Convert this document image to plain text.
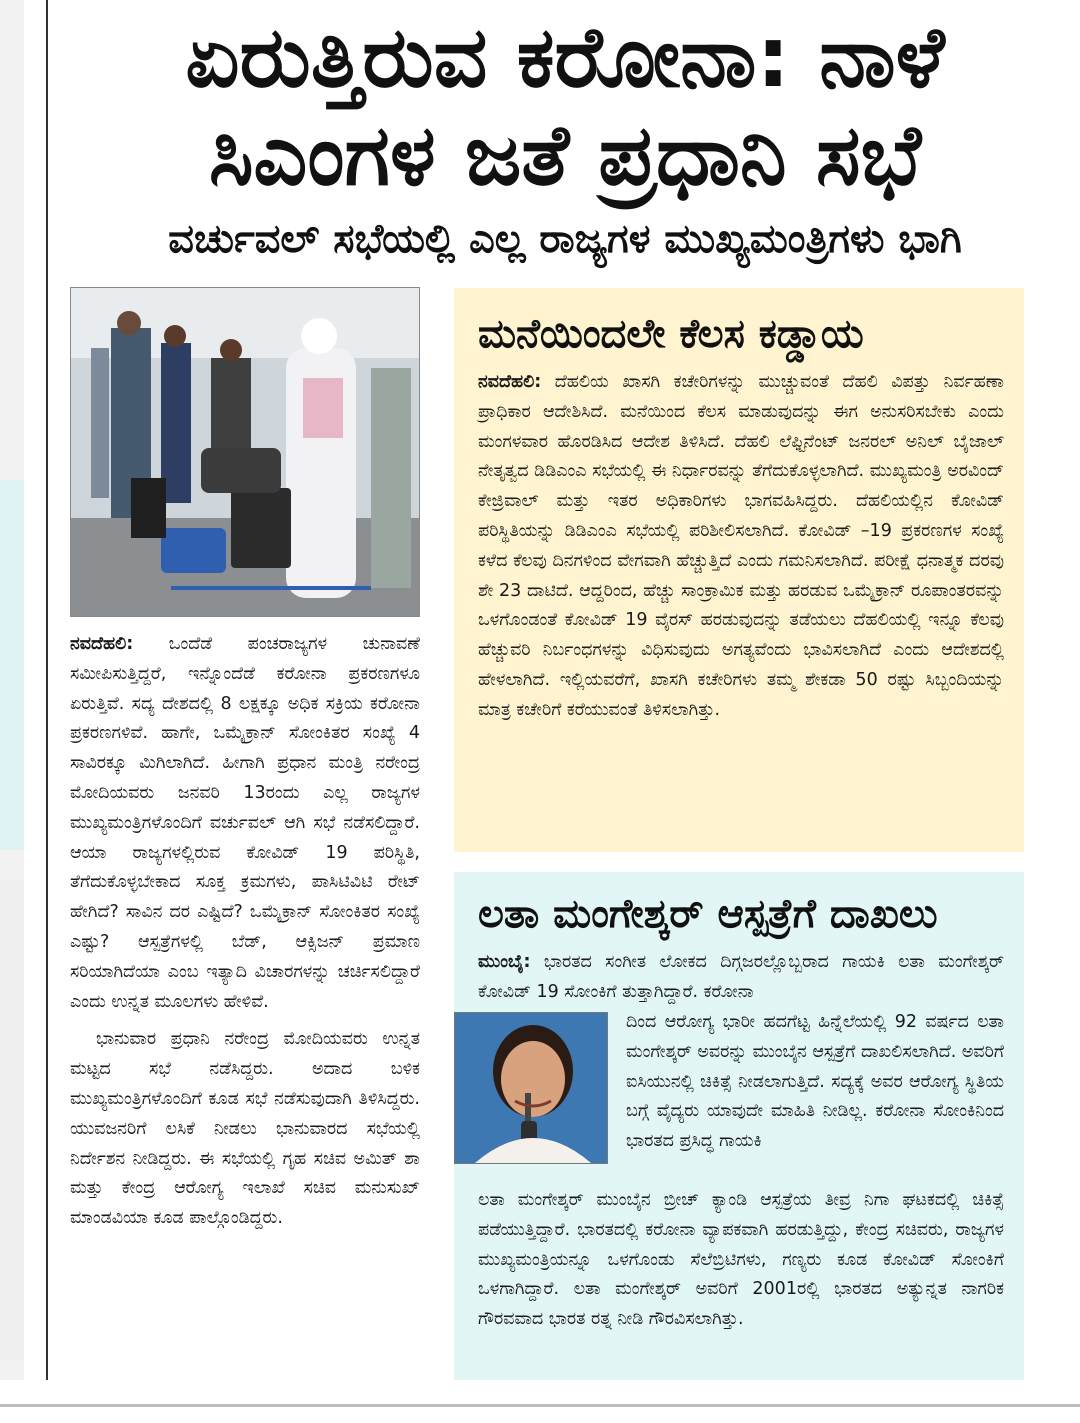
ಏರುತ್ತಿರುವ ಕರೋನಾ: ನಾಳೆ
ಸಿಎಂಗಳ ಜತೆ ಪ್ರಧಾನಿ ಸಭೆ
ವರ್ಚುವಲ್ ಸಭೆಯಲ್ಲಿ ಎಲ್ಲ ರಾಜ್ಯಗಳ ಮುಖ್ಯಮಂತ್ರಿಗಳು ಭಾಗಿ

ನವದೆಹಲಿ: ಒಂದೆಡೆ ಪಂಚರಾಜ್ಯಗಳ ಚುನಾವಣೆ ಸಮೀಪಿಸುತ್ತಿದ್ದರೆ, ಇನ್ನೊಂದೆಡೆ ಕರೋನಾ ಪ್ರಕರಣಗಳೂ ಏರುತ್ತಿವೆ. ಸದ್ಯ ದೇಶದಲ್ಲಿ 8 ಲಕ್ಷಕ್ಕೂ ಅಧಿಕ ಸಕ್ರಿಯ ಕರೋನಾ ಪ್ರಕರಣಗಳಿವೆ. ಹಾಗೇ, ಒಮೈಕ್ರಾನ್ ಸೋಂಕಿತರ ಸಂಖ್ಯೆ 4 ಸಾವಿರಕ್ಕೂ ಮಿಗಿಲಾಗಿದೆ. ಹೀಗಾಗಿ ಪ್ರಧಾನ ಮಂತ್ರಿ ನರೇಂದ್ರ ಮೋದಿಯವರು ಜನವರಿ 13ರಂದು ಎಲ್ಲ ರಾಜ್ಯಗಳ ಮುಖ್ಯಮಂತ್ರಿಗಳೊಂದಿಗೆ ವರ್ಚುವಲ್ ಆಗಿ ಸಭೆ ನಡೆಸಲಿದ್ದಾರೆ. ಆಯಾ ರಾಜ್ಯಗಳಲ್ಲಿರುವ ಕೋವಿಡ್ 19 ಪರಿಸ್ಥಿತಿ, ತೆಗೆದುಕೊಳ್ಳಬೇಕಾದ ಸೂಕ್ತ ಕ್ರಮಗಳು, ಪಾಸಿಟಿವಿಟಿ ರೇಟ್ ಹೇಗಿದೆ? ಸಾವಿನ ದರ ಎಷ್ಟಿದೆ? ಒಮೈಕ್ರಾನ್ ಸೋಂಕಿತರ ಸಂಖ್ಯೆ ಎಷ್ಟು? ಆಸ್ಪತ್ರೆಗಳಲ್ಲಿ ಬೆಡ್, ಆಕ್ಸಿಜನ್ ಪ್ರಮಾಣ ಸರಿಯಾಗಿದೆಯಾ ಎಂಬ ಇತ್ಯಾದಿ ವಿಚಾರಗಳನ್ನು ಚರ್ಚಿಸಲಿದ್ದಾರೆ ಎಂದು ಉನ್ನತ ಮೂಲಗಳು ಹೇಳಿವೆ.

ಭಾನುವಾರ ಪ್ರಧಾನಿ ನರೇಂದ್ರ ಮೋದಿಯವರು ಉನ್ನತ ಮಟ್ಟದ ಸಭೆ ನಡೆಸಿದ್ದರು. ಅದಾದ ಬಳಿಕ ಮುಖ್ಯಮಂತ್ರಿಗಳೊಂದಿಗೆ ಕೂಡ ಸಭೆ ನಡೆಸುವುದಾಗಿ ತಿಳಿಸಿದ್ದರು. ಯುವಜನರಿಗೆ ಲಸಿಕೆ ನೀಡಲು ಭಾನುವಾರದ ಸಭೆಯಲ್ಲಿ ನಿರ್ದೇಶನ ನೀಡಿದ್ದರು. ಈ ಸಭೆಯಲ್ಲಿ ಗೃಹ ಸಚಿವ ಅಮಿತ್ ಶಾ ಮತ್ತು ಕೇಂದ್ರ ಆರೋಗ್ಯ ಇಲಾಖೆ ಸಚಿವ ಮನುಸುಖ್ ಮಾಂಡವಿಯಾ ಕೂಡ ಪಾಲ್ಗೊಂಡಿದ್ದರು.

ಮನೆಯಿಂದಲೇ ಕೆಲಸ ಕಡ್ಡಾಯ
ನವದೆಹಲಿ: ದೆಹಲಿಯ ಖಾಸಗಿ ಕಚೇರಿಗಳನ್ನು ಮುಚ್ಚುವಂತೆ ದೆಹಲಿ ವಿಪತ್ತು ನಿರ್ವಹಣಾ ಪ್ರಾಧಿಕಾರ ಆದೇಶಿಸಿದೆ. ಮನೆಯಿಂದ ಕೆಲಸ ಮಾಡುವುದನ್ನು ಈಗ ಅನುಸರಿಸಬೇಕು ಎಂದು ಮಂಗಳವಾರ ಹೊರಡಿಸಿದ ಆದೇಶ ತಿಳಿಸಿದೆ. ದೆಹಲಿ ಲೆಫ್ಟಿನೆಂಟ್ ಜನರಲ್ ಅನಿಲ್ ಬೈಜಾಲ್ ನೇತೃತ್ವದ ಡಿಡಿಎಂಎ ಸಭೆಯಲ್ಲಿ ಈ ನಿರ್ಧಾರವನ್ನು ತೆಗೆದುಕೊಳ್ಳಲಾಗಿದೆ. ಮುಖ್ಯಮಂತ್ರಿ ಅರವಿಂದ್ ಕೇಜ್ರಿವಾಲ್ ಮತ್ತು ಇತರ ಅಧಿಕಾರಿಗಳು ಭಾಗವಹಿಸಿದ್ದರು. ದೆಹಲಿಯಲ್ಲಿನ ಕೋವಿಡ್ ಪರಿಸ್ಥಿತಿಯನ್ನು ಡಿಡಿಎಂಎ ಸಭೆಯಲ್ಲಿ ಪರಿಶೀಲಿಸಲಾಗಿದೆ. ಕೋವಿಡ್ –19 ಪ್ರಕರಣಗಳ ಸಂಖ್ಯೆ ಕಳೆದ ಕೆಲವು ದಿನಗಳಿಂದ ವೇಗವಾಗಿ ಹೆಚ್ಚುತ್ತಿದೆ ಎಂದು ಗಮನಿಸಲಾಗಿದೆ. ಪರೀಕ್ಷೆ ಧನಾತ್ಮಕ ದರವು ಶೇ 23 ದಾಟಿದೆ. ಆದ್ದರಿಂದ, ಹೆಚ್ಚು ಸಾಂಕ್ರಾಮಿಕ ಮತ್ತು ಹರಡುವ ಒಮೈಕ್ರಾನ್ ರೂಪಾಂತರವನ್ನು ಒಳಗೊಂಡಂತೆ ಕೋವಿಡ್ 19 ವೈರಸ್ ಹರಡುವುದನ್ನು ತಡೆಯಲು ದೆಹಲಿಯಲ್ಲಿ ಇನ್ನೂ ಕೆಲವು ಹೆಚ್ಚುವರಿ ನಿರ್ಬಂಧಗಳನ್ನು ವಿಧಿಸುವುದು ಅಗತ್ಯವೆಂದು ಭಾವಿಸಲಾಗಿದೆ ಎಂದು ಆದೇಶದಲ್ಲಿ ಹೇಳಲಾಗಿದೆ. ಇಲ್ಲಿಯವರೆಗೆ, ಖಾಸಗಿ ಕಚೇರಿಗಳು ತಮ್ಮ ಶೇಕಡಾ 50 ರಷ್ಟು ಸಿಬ್ಬಂದಿಯನ್ನು ಮಾತ್ರ ಕಚೇರಿಗೆ ಕರೆಯುವಂತೆ ತಿಳಿಸಲಾಗಿತ್ತು.
ಲತಾ ಮಂಗೇಶ್ಕರ್ ಆಸ್ಪತ್ರೆಗೆ ದಾಖಲು
ಮುಂಬೈ: ಭಾರತದ ಸಂಗೀತ ಲೋಕದ ದಿಗ್ಗಜರಲ್ಲೊಬ್ಬರಾದ ಗಾಯಕಿ ಲತಾ ಮಂಗೇಶ್ಕರ್ ಕೋವಿಡ್ 19 ಸೋಂಕಿಗೆ ತುತ್ತಾಗಿದ್ದಾರೆ. ಕರೋನಾ
ದಿಂದ ಆರೋಗ್ಯ ಭಾರೀ ಹದಗೆಟ್ಟ ಹಿನ್ನೆಲೆಯಲ್ಲಿ 92 ವರ್ಷದ ಲತಾ ಮಂಗೇಶ್ಕರ್ ಅವರನ್ನು ಮುಂಬೈನ ಆಸ್ಪತ್ರೆಗೆ ದಾಖಲಿಸಲಾಗಿದೆ. ಅವರಿಗೆ ಐಸಿಯುನಲ್ಲಿ ಚಿಕಿತ್ಸೆ ನೀಡಲಾಗುತ್ತಿದೆ. ಸದ್ಯಕ್ಕೆ ಅವರ ಆರೋಗ್ಯ ಸ್ಥಿತಿಯ ಬಗ್ಗೆ ವೈದ್ಯರು ಯಾವುದೇ ಮಾಹಿತಿ ನೀಡಿಲ್ಲ. ಕರೋನಾ ಸೋಂಕಿನಿಂದ ಭಾರತದ ಪ್ರಸಿದ್ಧ ಗಾಯಕಿ
ಲತಾ ಮಂಗೇಶ್ಕರ್ ಮುಂಬೈನ ಬ್ರೀಚ್ ಕ್ಯಾಂಡಿ ಆಸ್ಪತ್ರೆಯ ತೀವ್ರ ನಿಗಾ ಘಟಕದಲ್ಲಿ ಚಿಕಿತ್ಸೆ ಪಡೆಯುತ್ತಿದ್ದಾರೆ. ಭಾರತದಲ್ಲಿ ಕರೋನಾ ವ್ಯಾಪಕವಾಗಿ ಹರಡುತ್ತಿದ್ದು, ಕೇಂದ್ರ ಸಚಿವರು, ರಾಜ್ಯಗಳ ಮುಖ್ಯಮಂತ್ರಿಯನ್ನೂ ಒಳಗೊಂಡು ಸೆಲೆಬ್ರಿಟಿಗಳು, ಗಣ್ಯರು ಕೂಡ ಕೋವಿಡ್ ಸೋಂಕಿಗೆ ಒಳಗಾಗಿದ್ದಾರೆ. ಲತಾ ಮಂಗೇಶ್ಕರ್ ಅವರಿಗೆ 2001ರಲ್ಲಿ ಭಾರತದ ಅತ್ಯುನ್ನತ ನಾಗರಿಕ ಗೌರವವಾದ ಭಾರತ ರತ್ನ ನೀಡಿ ಗೌರವಿಸಲಾಗಿತ್ತು.
